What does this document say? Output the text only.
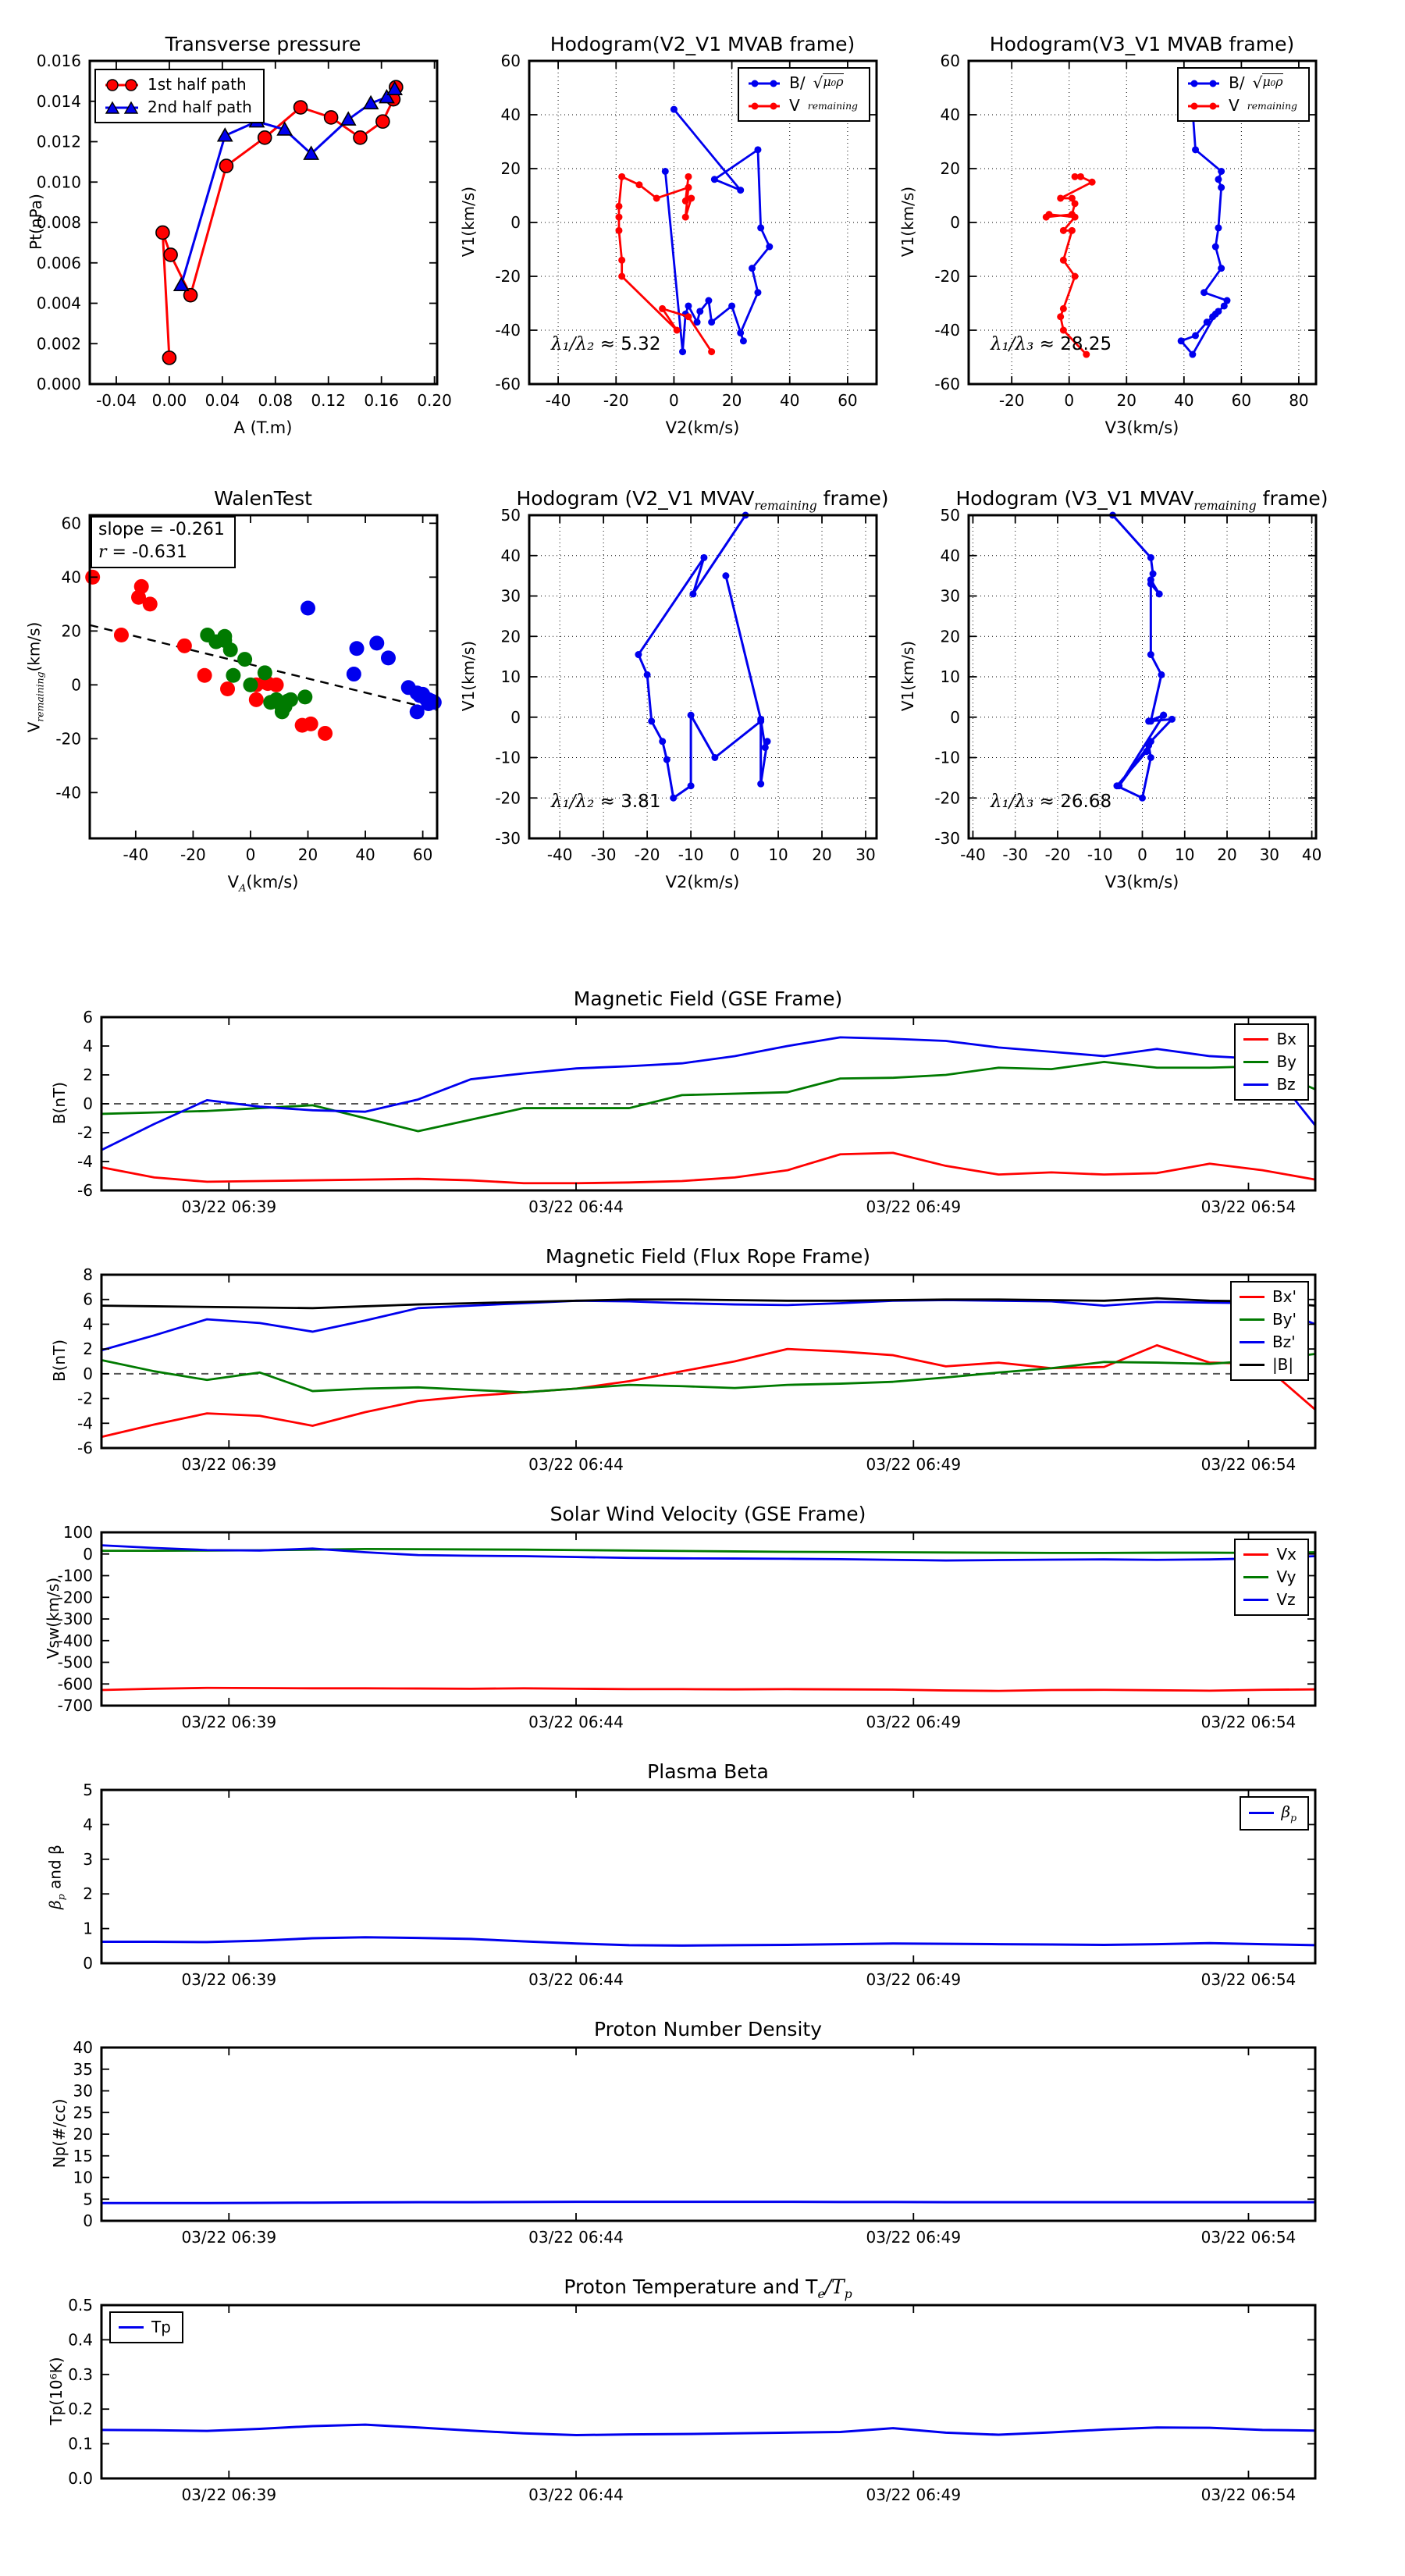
-0.04 0.00 0.04 0.08 0.12 0.16 0.20
0.000
0.002
0.004
0.006
0.008
0.010
0.012
0.014
0.016
-40 -20	0	20 40 60
-60
-40
-20
0
20
40
60
-20	0	20 40 60 80
-60
-40
-20
0
20
40
60
-40 -20	0	20 40 60
-40
-20
0
20
40
60
-40 -30 -20 -10 0 10 20 30
-30
-20
-10
0
10
20
30
40
50
-40 -30 -20 -10 0 10 20 30 40
-30
-20
-10
0
10
20
30
40
50
03/22 06:39	03/22 06:44	03/22 06:49	03/22 06:54
-6
-4
-2
0
2
4
6
03/22 06:39	03/22 06:44	03/22 06:49	03/22 06:54
-6
-4
-2
0
2
4
6
8
03/22 06:39	03/22 06:44	03/22 06:49	03/22 06:54
-700
-600
-500
-400
-300
-200
-100
0
100
03/22 06:39	03/22 06:44	03/22 06:49	03/22 06:54
0
1
2
3
4
5
03/22 06:39	03/22 06:44	03/22 06:49	03/22 06:54
0
5
10
15
20
25
30
35
40
03/22 06:39	03/22 06:44	03/22 06:49	03/22 06:54
0.0
0.1
0.2
0.3
0.4
0.5
Transverse pressure	Hodogram(V2_V1 MVAB frame)	Hodogram(V3_V1 MVAB frame)
WalenTest	Hodogram (V2_V1 $MVAV_{remaining}$ frame)	Hodogram (V3_V1 $MVAV_{remaining}$ frame)
Magnetic Field (GSE Frame)
Magnetic Field (Flux Rope Frame)
Solar Wind Velocity (GSE Frame)
Plasma Beta
Proton Number Density
Proton Temperature and $T_e/T_p$
Pt(nPa)	V1(km/s)	V1(km/s)
$V_{remaining}(km/s)$	V1(km/s)	V1(km/s)
B(nT)
B(nT)
Vsw(km/s)
$\beta_p$ and β
Np(#/cc)
Tp(10⁶K)
A (T.m)	V2(km/s)	V3(km/s)
$V_A(km/s)$	V2(km/s)	V3(km/s)
1st half path
2nd half path
B/ √ μ₀ρ
V remaining
B/ √ μ₀ρ
V remaining
Bx
By
Bz
Bx'
By'
Bz'
|B|
Vx
Vy
Vz
$\beta_p$
Tp
λ₁/λ₂ ≈ 5.32	λ₁/λ₃ ≈ 28.25
λ₁/λ₂ ≈ 3.81	λ₁/λ₃ ≈ 26.68
slope = -0.261
r = -0.631
